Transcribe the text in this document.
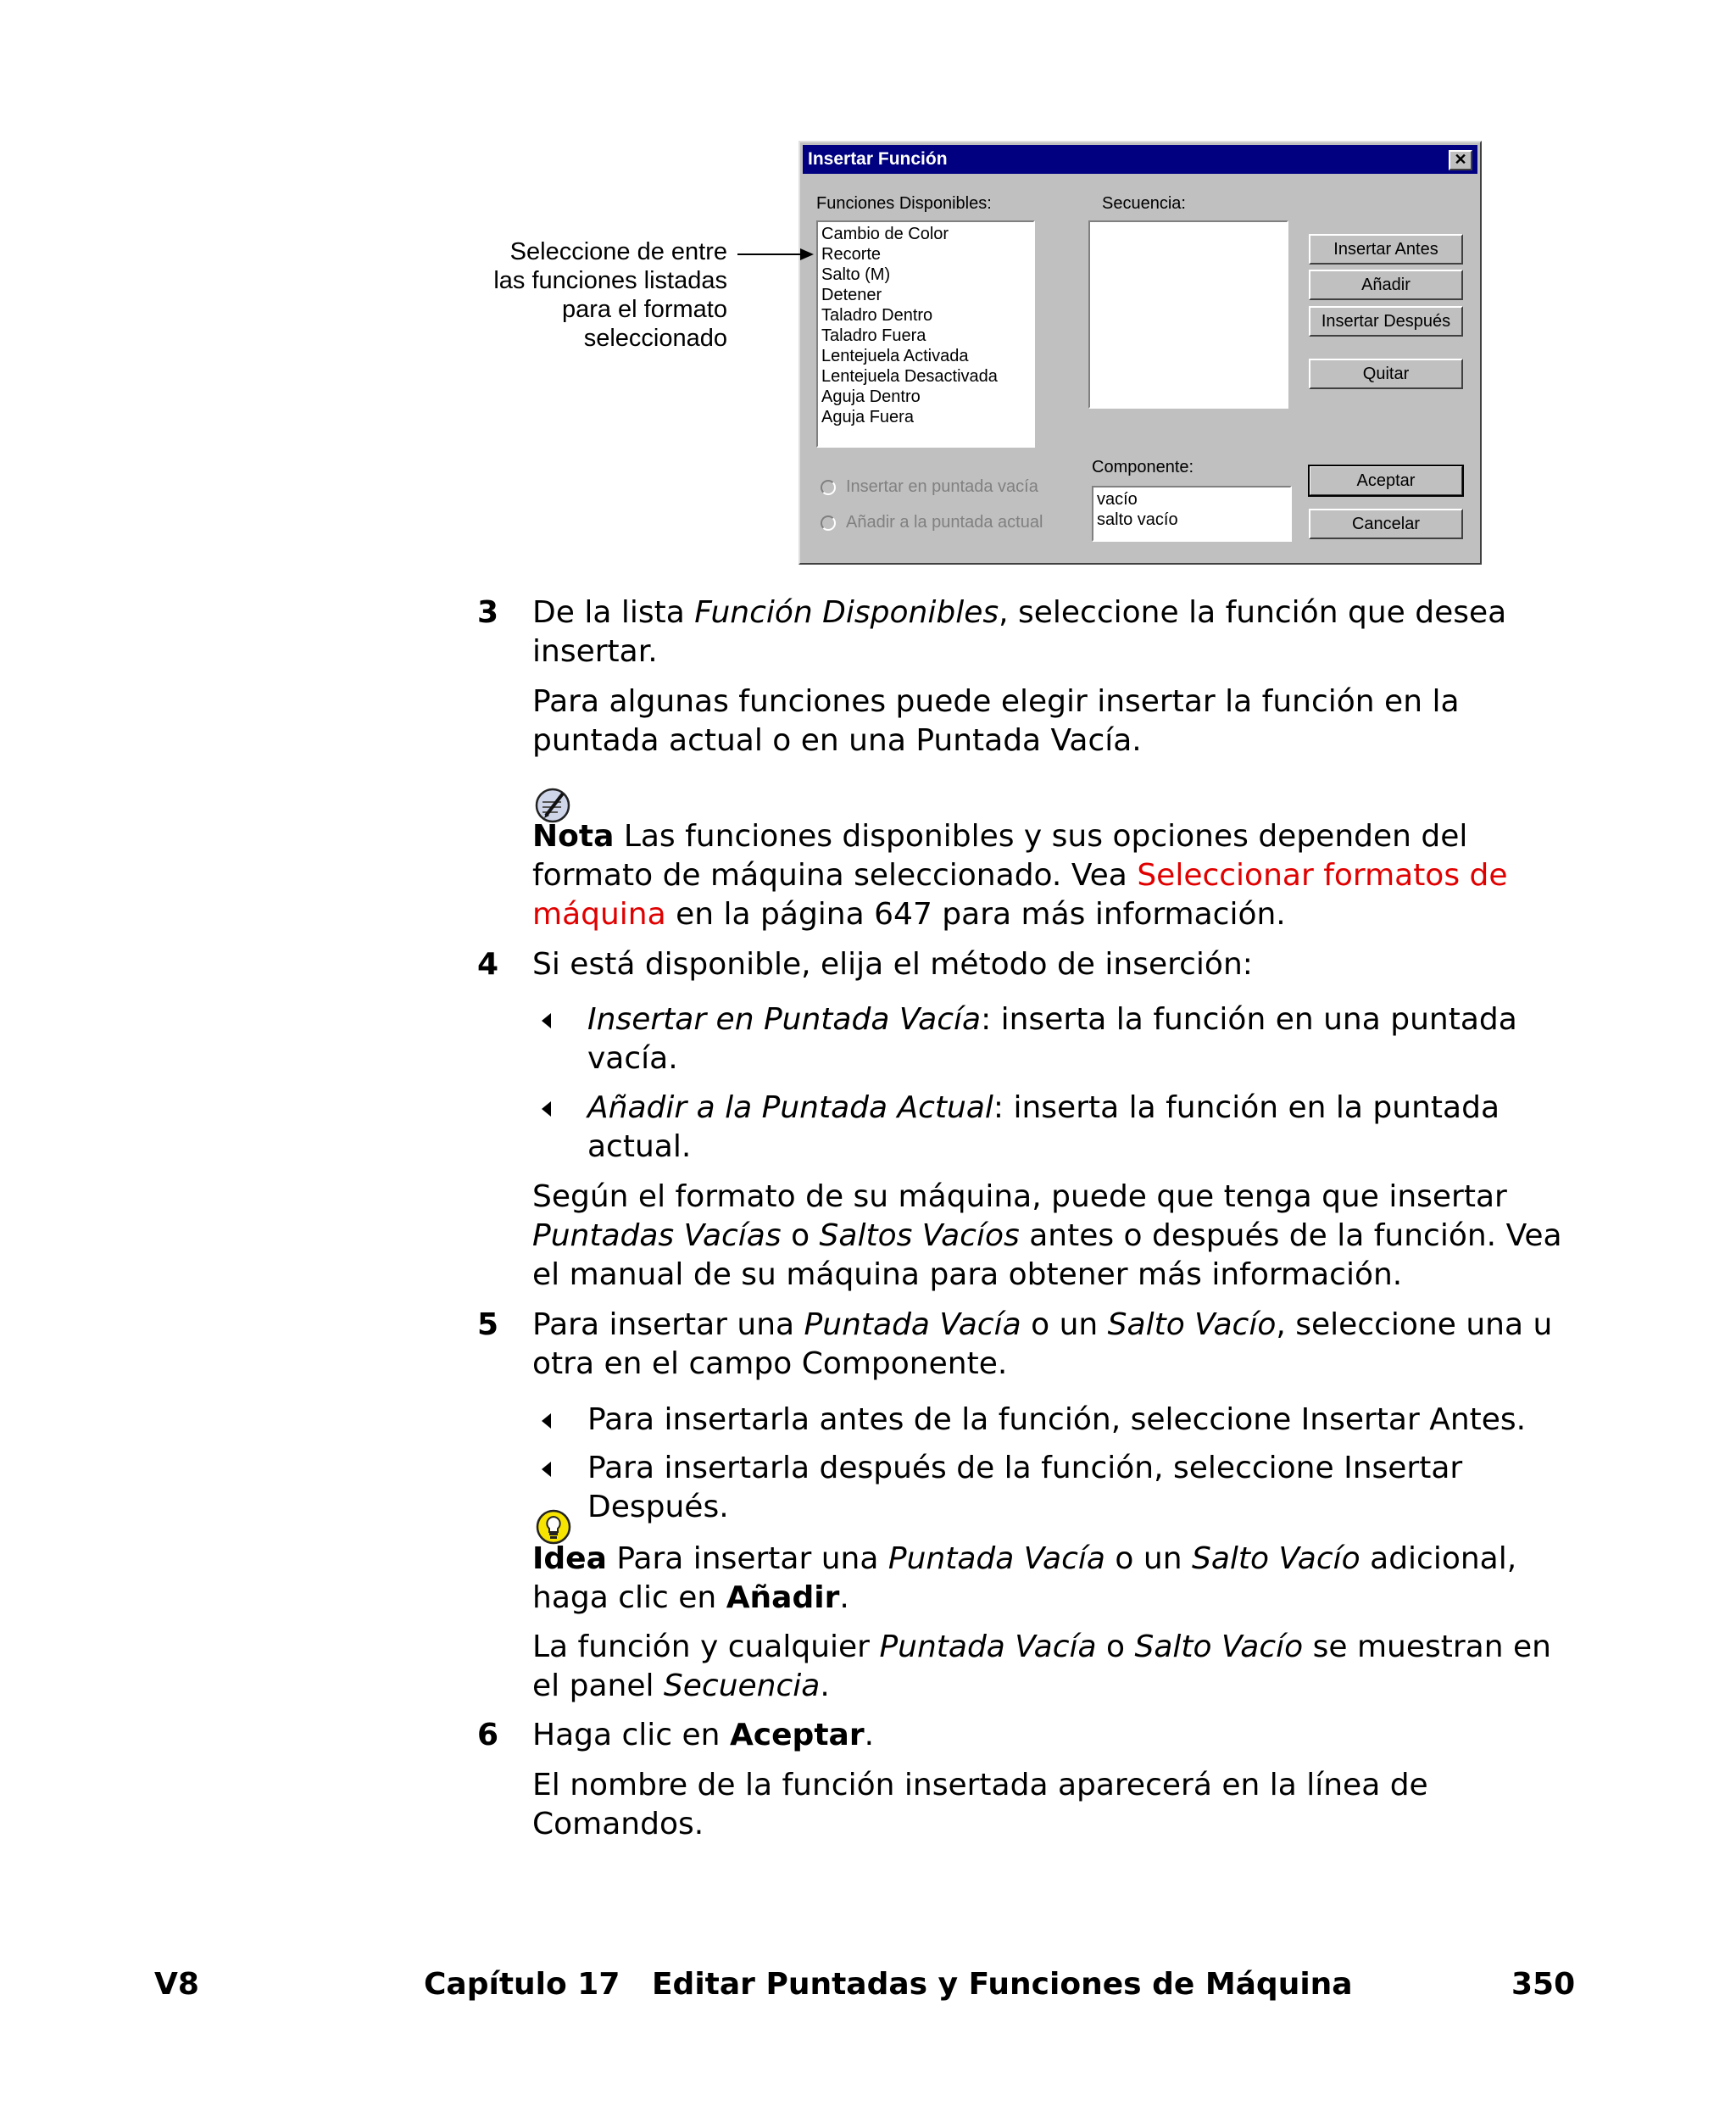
Insertar Función	✕
Funciones Disponibles:
Cambio de Color
Recorte
Salto (M)
Detener
Taladro Dentro
Taladro Fuera
Lentejuela Activada
Lentejuela Desactivada
Aguja Dentro
Aguja Fuera
Secuencia:
Componente:
vacío
salto vacío
Insertar en puntada vacía
Añadir a la puntada actual
Insertar Antes
Añadir
Insertar Después
Quitar
Aceptar
Cancelar
Seleccione de entre
las funciones listadas
para el formato
seleccionado
3 De la lista Función Disponibles, seleccione la función que desea insertar.
Para algunas funciones puede elegir insertar la función en la puntada actual o en una Puntada Vacía.
Nota Las funciones disponibles y sus opciones dependen del formato de máquina seleccionado. Vea Seleccionar formatos de máquina en la página 647 para más información.
4 Si está disponible, elija el método de inserción:
Insertar en Puntada Vacía: inserta la función en una puntada vacía.
Añadir a la Puntada Actual: inserta la función en la puntada actual.
Según el formato de su máquina, puede que tenga que insertar Puntadas Vacías o Saltos Vacíos antes o después de la función. Vea el manual de su máquina para obtener más información.
5 Para insertar una Puntada Vacía o un Salto Vacío, seleccione una u otra en el campo Componente.
Para insertarla antes de la función, seleccione Insertar Antes.
Para insertarla después de la función, seleccione Insertar Después.
Idea Para insertar una Puntada Vacía o un Salto Vacío adicional, haga clic en Añadir.
La función y cualquier Puntada Vacía o Salto Vacío se muestran en el panel Secuencia.
6 Haga clic en Aceptar.
El nombre de la función insertada aparecerá en la línea de Comandos.
V8	Capítulo 17   Editar Puntadas y Funciones de Máquina	350
